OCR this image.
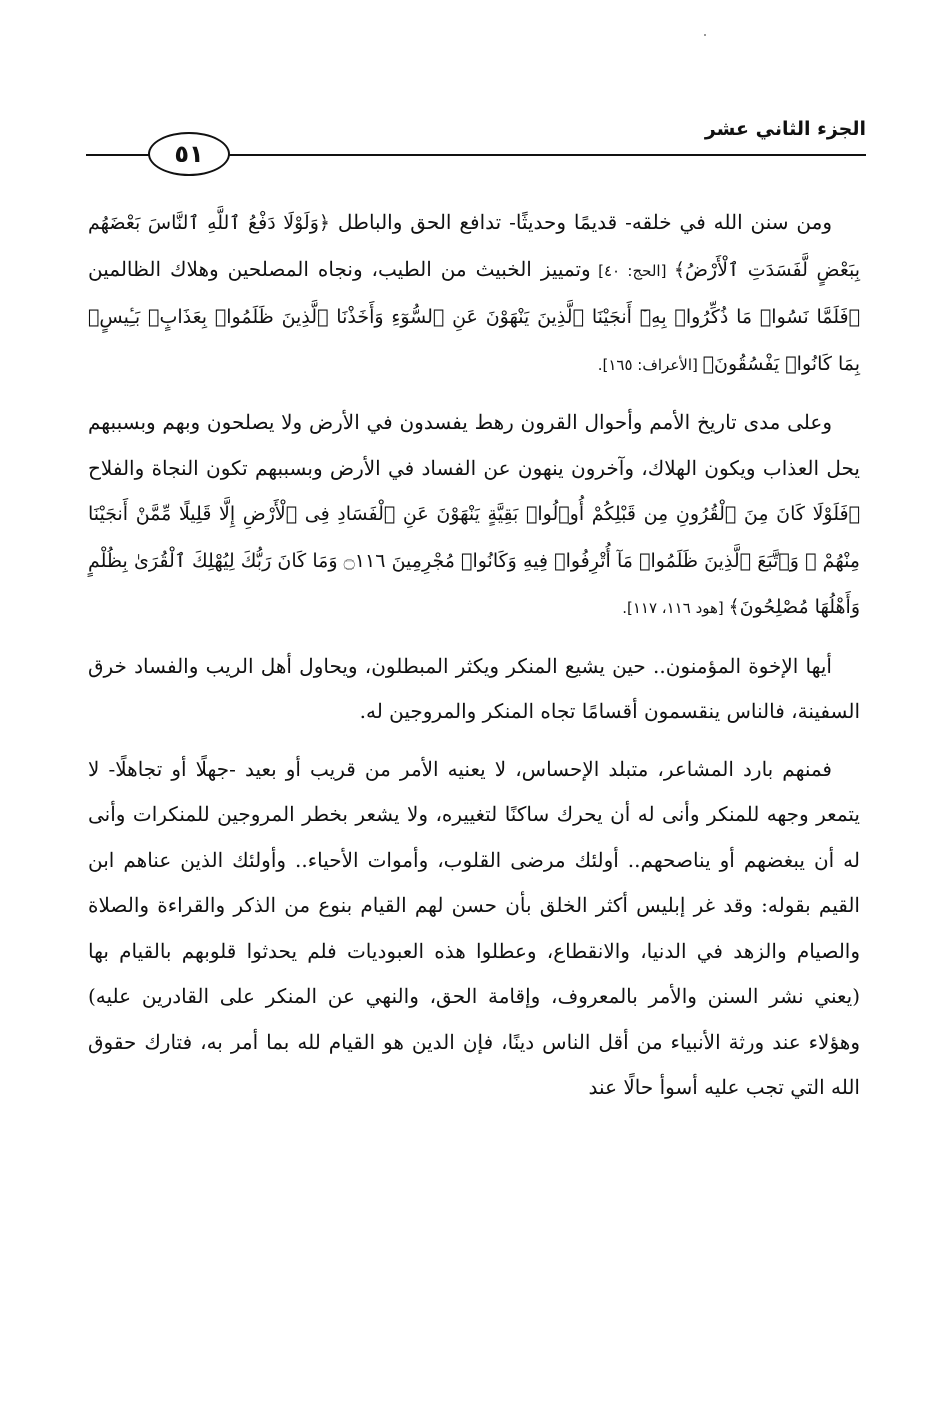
الجزء الثاني عشر
٥١

ومن سنن الله في خلقه- قديمًا وحديثًا- تدافع الحق والباطل ﴿وَلَوْلَا دَفْعُ ٱللَّهِ ٱلنَّاسَ بَعْضَهُم بِبَعْضٍ لَّفَسَدَتِ ٱلْأَرْضُ﴾ [الحج: ٤٠] وتمييز الخبيث من الطيب، ونجاه المصلحين وهلاك الظالمين ﴿فَلَمَّا نَسُوا۟ مَا ذُكِّرُوا۟ بِهِۦٓ أَنجَيْنَا ٱلَّذِينَ يَنْهَوْنَ عَنِ ٱلسُّوٓءِ وَأَخَذْنَا ٱلَّذِينَ ظَلَمُوا۟ بِعَذَابٍۭ بَـِٔيسٍۭ بِمَا كَانُوا۟ يَفْسُقُونَ﴾ [الأعراف: ١٦٥].

وعلى مدى تاريخ الأمم وأحوال القرون رهط يفسدون في الأرض ولا يصلحون وبهم وبسببهم يحل العذاب ويكون الهلاك، وآخرون ينهون عن الفساد في الأرض وبسببهم تكون النجاة والفلاح ﴿فَلَوْلَا كَانَ مِنَ ٱلْقُرُونِ مِن قَبْلِكُمْ أُو۟لُوا۟ بَقِيَّةٍ يَنْهَوْنَ عَنِ ٱلْفَسَادِ فِى ٱلْأَرْضِ إِلَّا قَلِيلًا مِّمَّنْ أَنجَيْنَا مِنْهُمْ ۗ وَٱتَّبَعَ ٱلَّذِينَ ظَلَمُوا۟ مَآ أُتْرِفُوا۟ فِيهِ وَكَانُوا۟ مُجْرِمِينَ ۝١١٦ وَمَا كَانَ رَبُّكَ لِيُهْلِكَ ٱلْقُرَىٰ بِظُلْمٍ وَأَهْلُهَا مُصْلِحُونَ﴾ [هود ١١٦، ١١٧].

أيها الإخوة المؤمنون.. حين يشيع المنكر ويكثر المبطلون، ويحاول أهل الريب والفساد خرق السفينة، فالناس ينقسمون أقسامًا تجاه المنكر والمروجين له.

فمنهم بارد المشاعر، متبلد الإحساس، لا يعنيه الأمر من قريب أو بعيد -جهلًا أو تجاهلًا- لا يتمعر وجهه للمنكر وأنى له أن يحرك ساكنًا لتغييره، ولا يشعر بخطر المروجين للمنكرات وأنى له أن يبغضهم أو يناصحهم.. أولئك مرضى القلوب، وأموات الأحياء.. وأولئك الذين عناهم ابن القيم بقوله: وقد غر إبليس أكثر الخلق بأن حسن لهم القيام بنوع من الذكر والقراءة والصلاة والصيام والزهد في الدنيا، والانقطاع، وعطلوا هذه العبوديات فلم يحدثوا قلوبهم بالقيام بها (يعني نشر السنن والأمر بالمعروف، وإقامة الحق، والنهي عن المنكر على القادرين عليه) وهؤلاء عند ورثة الأنبياء من أقل الناس دينًا، فإن الدين هو القيام لله بما أمر به، فتارك حقوق الله التي تجب عليه أسوأ حالًا عند
